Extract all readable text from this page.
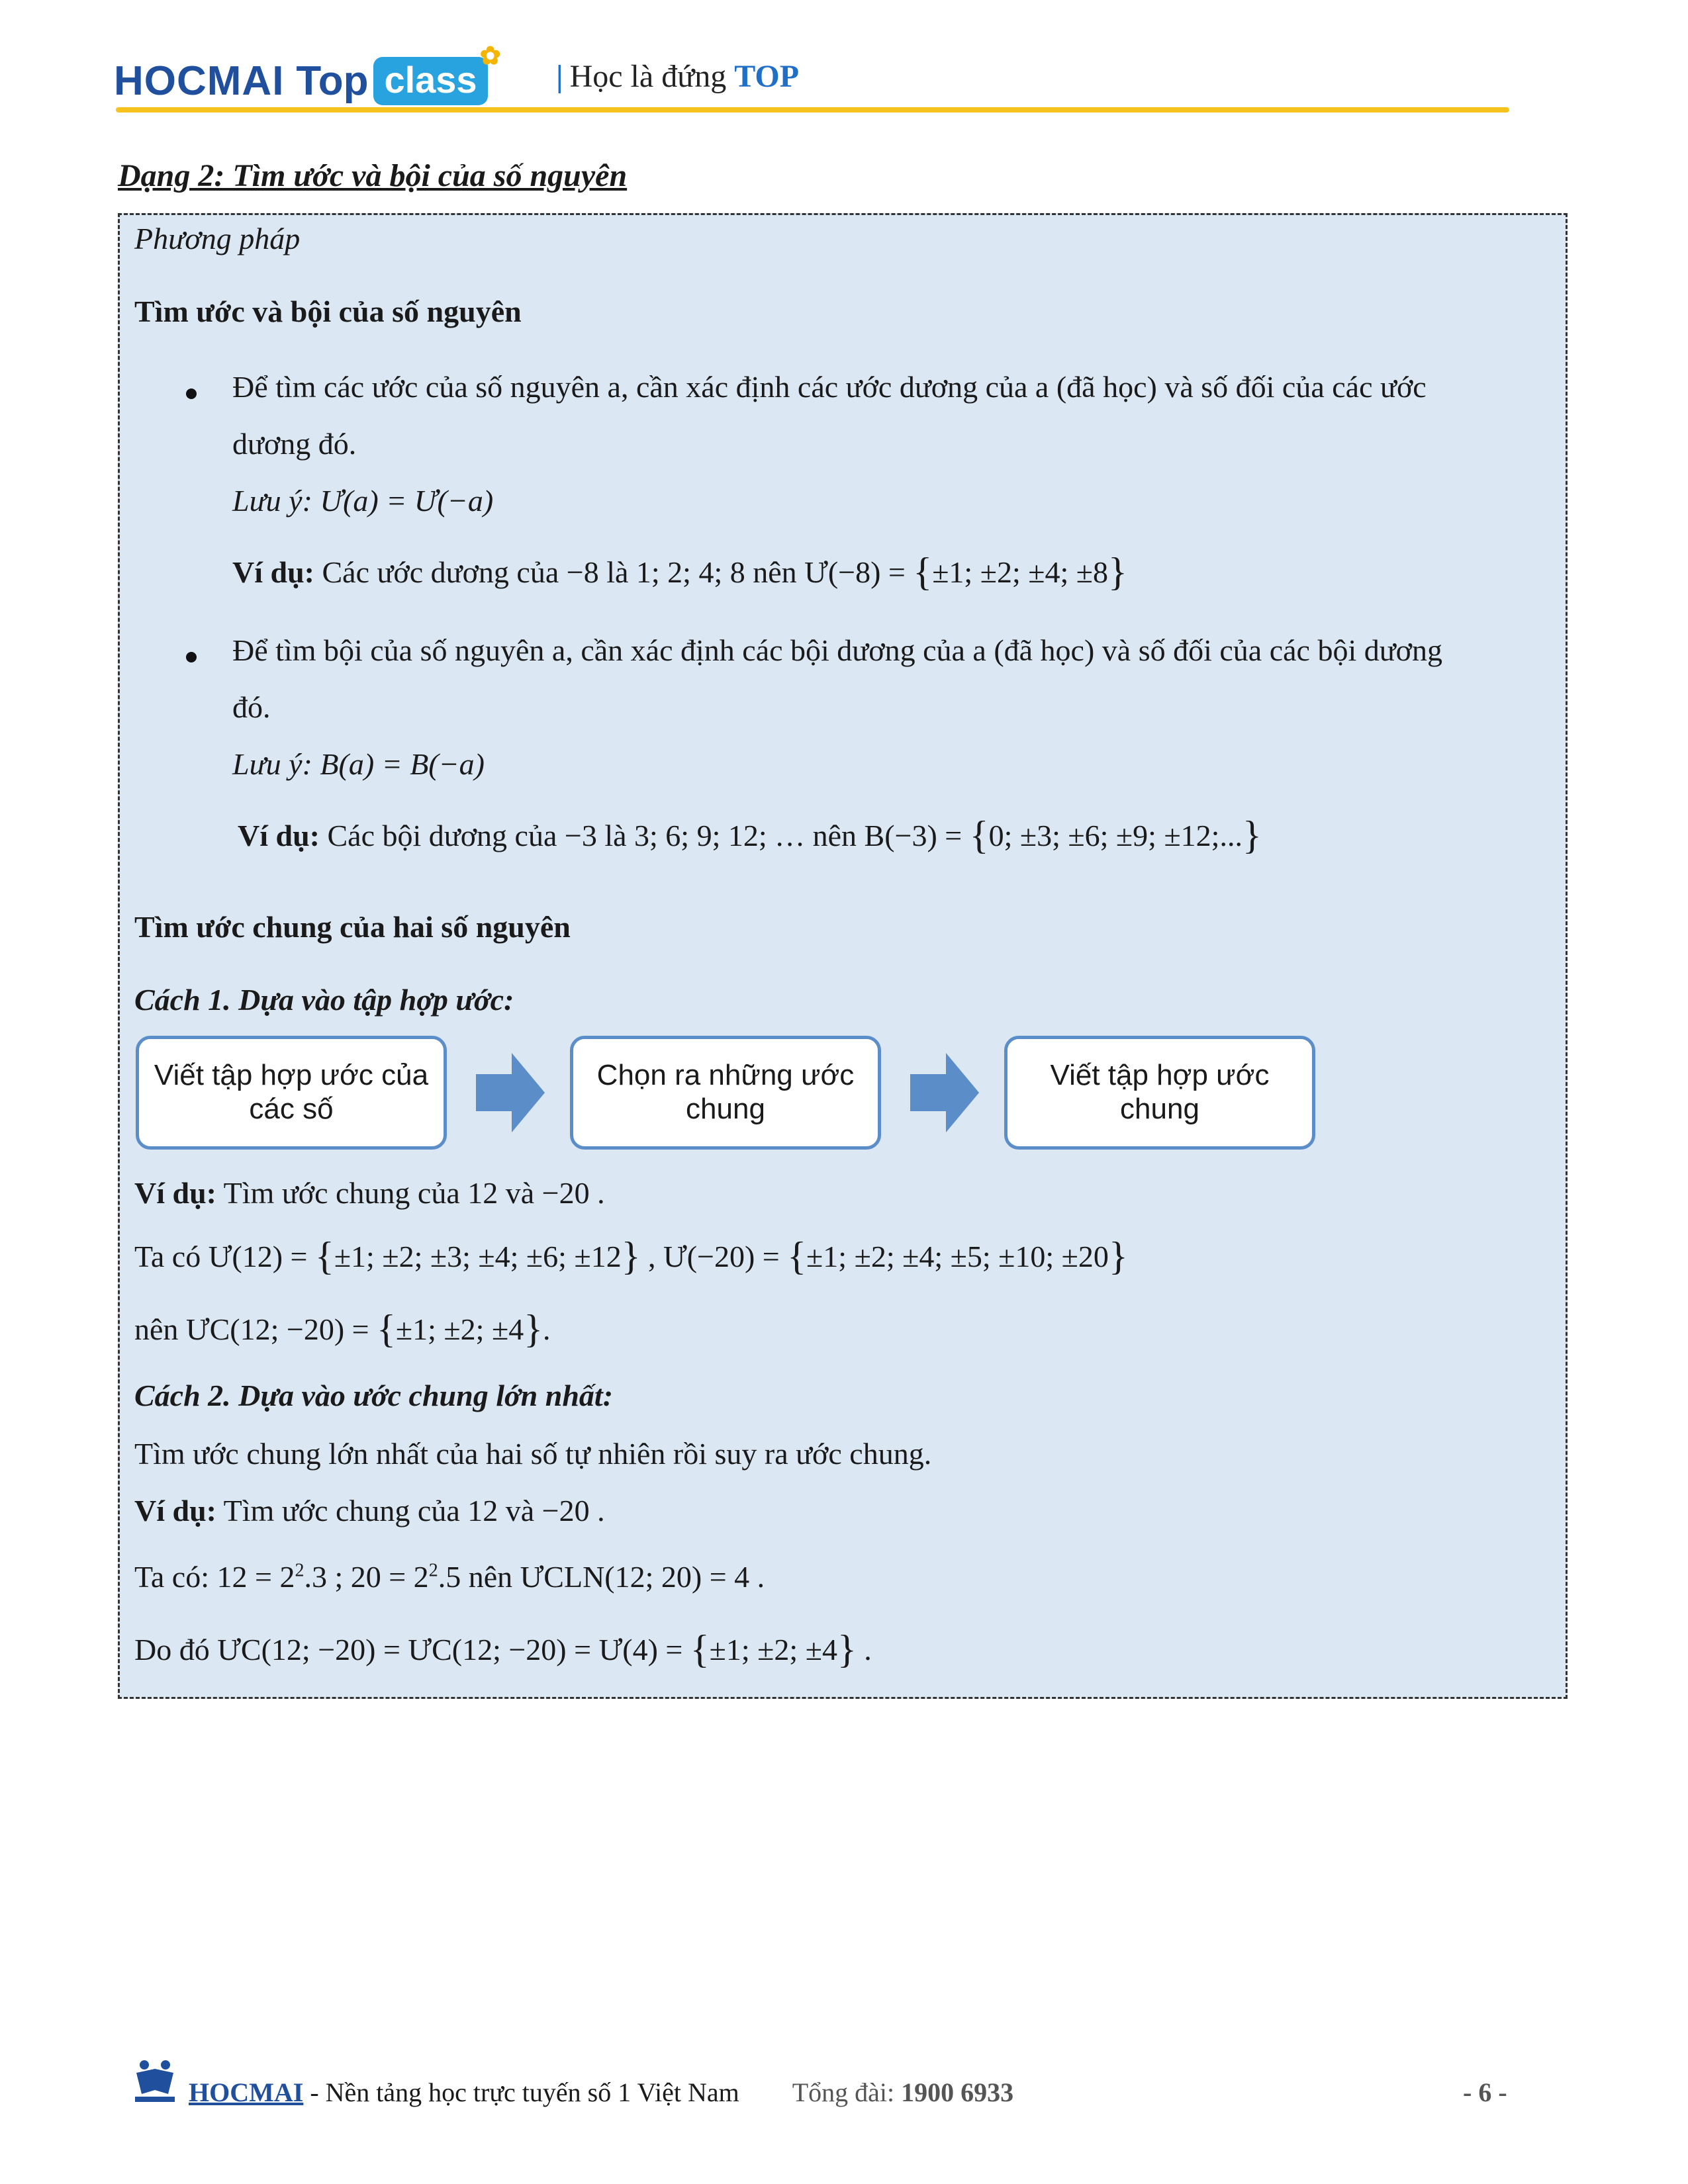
HOCMAI Top class
✿
| Học là đứng TOP
Dạng 2: Tìm ước và bội của số nguyên
Phương pháp
Tìm ước và bội của số nguyên
Để tìm các ước của số nguyên a, cần xác định các ước dương của a (đã học) và số đối của các ước
dương đó.
Lưu ý: Ư(a) = Ư(−a)
Ví dụ: Các ước dương của −8 là 1; 2; 4; 8 nên Ư(−8) = {±1; ±2; ±4; ±8}
Để tìm bội của số nguyên a, cần xác định các bội dương của a (đã học) và số đối của các bội dương
đó.
Lưu ý: B(a) = B(−a)
Ví dụ: Các bội dương của −3 là 3; 6; 9; 12; … nên B(−3) = {0; ±3; ±6; ±9; ±12;...}
Tìm ước chung của hai số nguyên
Cách 1. Dựa vào tập hợp ước:
Viết tập hợp ước của các số
Chọn ra những ước chung
Viết tập hợp ước chung
Ví dụ: Tìm ước chung của 12 và −20 .
Ta có Ư(12) = {±1; ±2; ±3; ±4; ±6; ±12} , Ư(−20) = {±1; ±2; ±4; ±5; ±10; ±20}
nên ƯC(12; −20) = {±1; ±2; ±4}.
Cách 2. Dựa vào ước chung lớn nhất:
Tìm ước chung lớn nhất của hai số tự nhiên rồi suy ra ước chung.
Ví dụ: Tìm ước chung của 12 và −20 .
Ta có: $12 = 2^2.3$ ; $20 = 2^2.5$ nên ƯCLN(12; 20) = 4 .
Do đó ƯC(12; −20) = ƯC(12; −20) = Ư(4) = {±1; ±2; ±4} .
HOCMAI - Nền tảng học trực tuyến số 1 Việt Nam Tổng đài: 1900 6933	- 6 -
